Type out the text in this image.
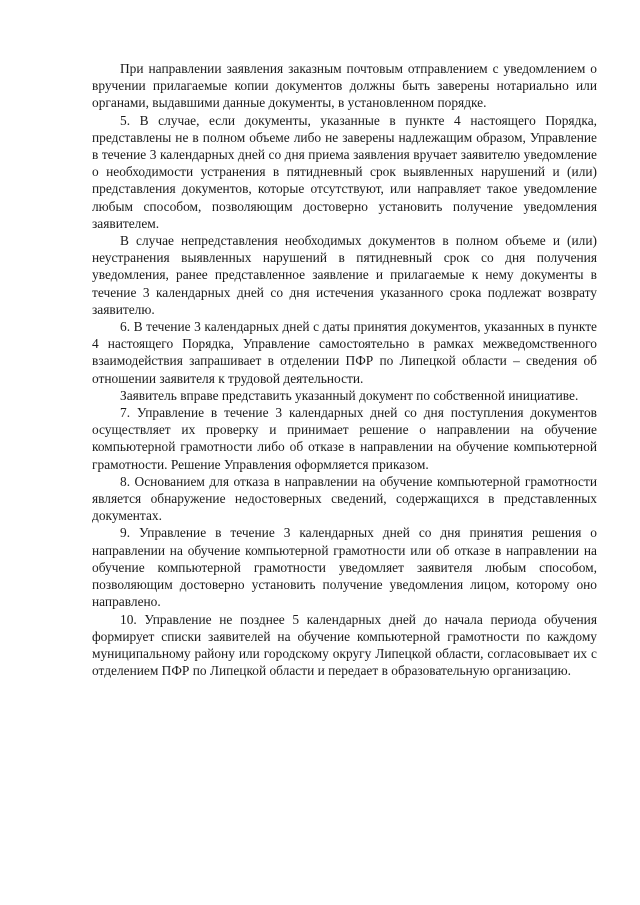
При направлении заявления заказным почтовым отправлением с уведомлением о вручении прилагаемые копии документов должны быть заверены нотариально или органами, выдавшими данные документы, в установленном порядке.

5. В случае, если документы, указанные в пункте 4 настоящего Порядка, представлены не в полном объеме либо не заверены надлежащим образом, Управление в течение 3 календарных дней со дня приема заявления вручает заявителю уведомление о необходимости устранения в пятидневный срок выявленных нарушений и (или) представления документов, которые отсутствуют, или направляет такое уведомление любым способом, позволяющим достоверно установить получение уведомления заявителем.

В случае непредставления необходимых документов в полном объеме и (или) неустранения выявленных нарушений в пятидневный срок со дня получения уведомления, ранее представленное заявление и прилагаемые к нему документы в течение 3 календарных дней со дня истечения указанного срока подлежат возврату заявителю.

6. В течение 3 календарных дней с даты принятия документов, указанных в пункте 4 настоящего Порядка, Управление самостоятельно в рамках межведомственного взаимодействия запрашивает в отделении ПФР по Липецкой области – сведения об отношении заявителя к трудовой деятельности.

Заявитель вправе представить указанный документ по собственной инициативе.

7. Управление в течение 3 календарных дней со дня поступления документов осуществляет их проверку и принимает решение о направлении на обучение компьютерной грамотности либо об отказе в направлении на обучение компьютерной грамотности. Решение Управления оформляется приказом.

8. Основанием для отказа в направлении на обучение компьютерной грамотности является обнаружение недостоверных сведений, содержащихся в представленных документах.

9. Управление в течение 3 календарных дней со дня принятия решения о направлении на обучение компьютерной грамотности или об отказе в направлении на обучение компьютерной грамотности уведомляет заявителя любым способом, позволяющим достоверно установить получение уведомления лицом, которому оно направлено.

10. Управление не позднее 5 календарных дней до начала периода обучения формирует списки заявителей на обучение компьютерной грамотности по каждому муниципальному району или городскому округу Липецкой области, согласовывает их с отделением ПФР по Липецкой области и передает в образовательную организацию.
